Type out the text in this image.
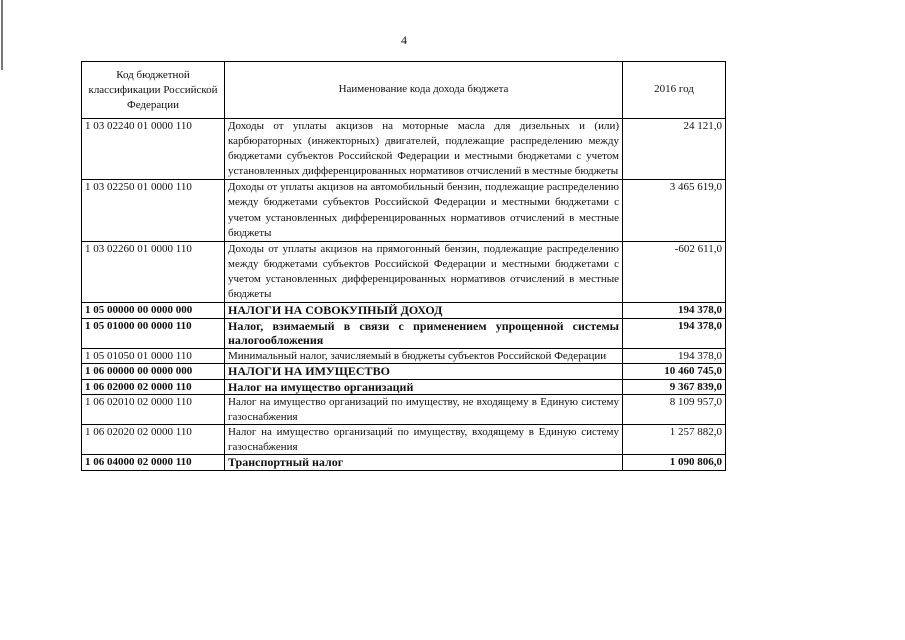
4
Код бюджетной классификации Российской Федерации	Наименование кода дохода бюджета	2016 год
1 03 02240 01 0000 110	Доходы от уплаты акцизов на моторные масла для дизельных и (или) карбюраторных (инжекторных) двигателей, подлежащие распределению между бюджетами субъектов Российской Федерации и местными бюджетами с учетом установленных дифференцированных нормативов отчислений в местные бюджеты	24 121,0
1 03 02250 01 0000 110	Доходы от уплаты акцизов на автомобильный бензин, подлежащие распределению между бюджетами субъектов Российской Федерации и местными бюджетами с учетом установленных дифференцированных нормативов отчислений в местные бюджеты	3 465 619,0
1 03 02260 01 0000 110	Доходы от уплаты акцизов на прямогонный бензин, подлежащие распределению между бюджетами субъектов Российской Федерации и местными бюджетами с учетом установленных дифференцированных нормативов отчислений в местные бюджеты	-602 611,0
1 05 00000 00 0000 000	НАЛОГИ НА СОВОКУПНЫЙ ДОХОД	194 378,0
1 05 01000 00 0000 110	Налог, взимаемый в связи с применением упрощенной системы налогообложения	194 378,0
1 05 01050 01 0000 110	Минимальный налог, зачисляемый в бюджеты субъектов Российской Федерации	194 378,0
1 06 00000 00 0000 000	НАЛОГИ НА ИМУЩЕСТВО	10 460 745,0
1 06 02000 02 0000 110	Налог на имущество организаций	9 367 839,0
1 06 02010 02 0000 110	Налог на имущество организаций по имуществу, не входящему в Единую систему газоснабжения	8 109 957,0
1 06 02020 02 0000 110	Налог на имущество организаций по имуществу, входящему в Единую систему газоснабжения	1 257 882,0
1 06 04000 02 0000 110	Транспортный налог	1 090 806,0
